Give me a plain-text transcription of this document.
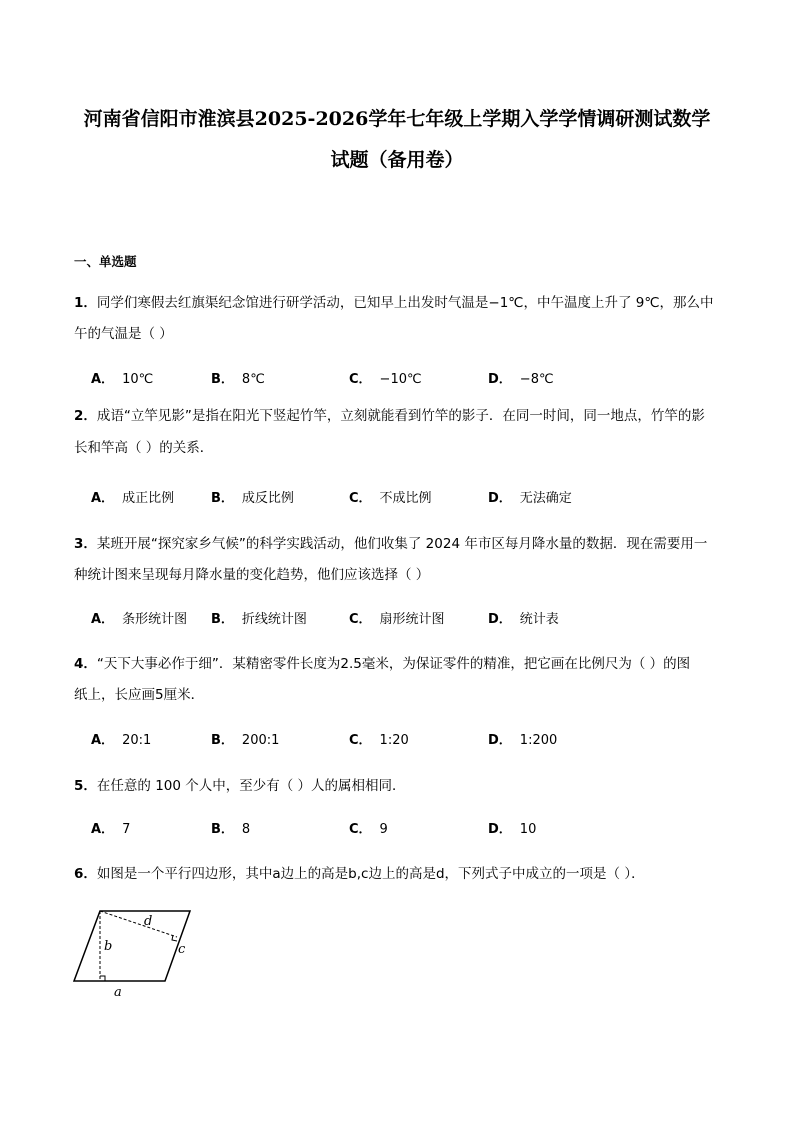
河南省信阳市淮滨县2025-2026学年七年级上学期入学学情调研测试数学
试题（备用卷）
一、单选题
1．同学们寒假去红旗渠纪念馆进行研学活动，已知早上出发时气温是−1℃，中午温度上升了 9℃，那么中
午的气温是（ ）
A． 10℃	B． 8℃	C． −10℃	D． −8℃
2．成语“立竿见影”是指在阳光下竖起竹竿，立刻就能看到竹竿的影子．在同一时间，同一地点，竹竿的影
长和竿高（ ）的关系．
A． 成正比例	B． 成反比例	C． 不成比例	D． 无法确定
3．某班开展“探究家乡气候”的科学实践活动，他们收集了 2024 年市区每月降水量的数据．现在需要用一
种统计图来呈现每月降水量的变化趋势，他们应该选择（ ）
A． 条形统计图 B． 折线统计图	C． 扇形统计图	D． 统计表
4．“天下大事必作于细”．某精密零件长度为2.5毫米，为保证零件的精准，把它画在比例尺为（ ）的图
纸上，长应画5厘米．
A． 20:1	B． 200:1	C． 1:20	D． 1:200
5．在任意的 100 个人中，至少有（ ）人的属相相同．
A． 7	B． 8	C． 9	D． 10
6．如图是一个平行四边形，其中a边上的高是b,c边上的高是d，下列式子中成立的一项是（ ）．
a
b	c
d
